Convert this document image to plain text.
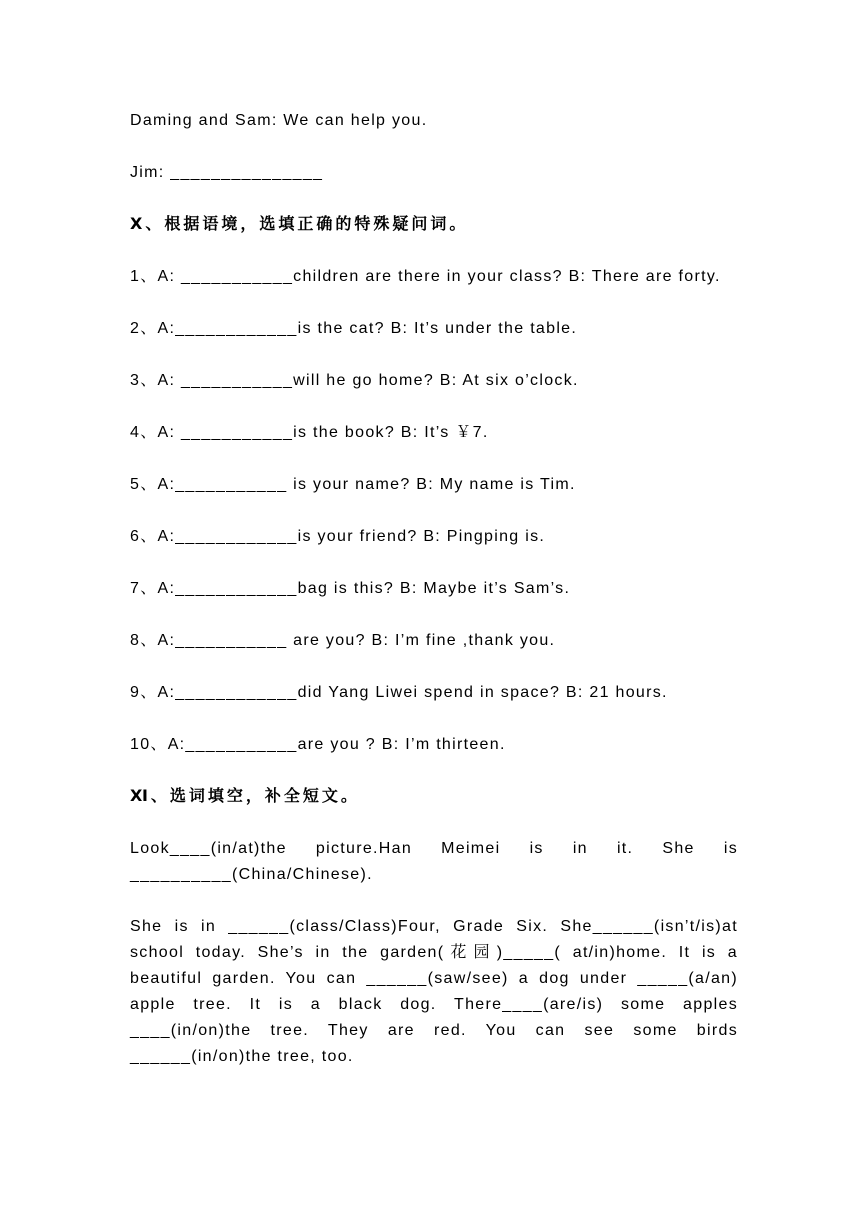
Daming and Sam: We can help you.

Jim: _______________

Ⅹ、根据语境，选填正确的特殊疑问词。

1、A: ___________children are there in your class? B: There are forty.

2、A:____________is the cat? B: It’s under the table.

3、A: ___________will he go home? B: At six o’clock.

4、A: ___________is the book? B: It’s ￥7.

5、A:___________ is your name? B: My name is Tim.

6、A:____________is your friend? B: Pingping is.

7、A:____________bag is this? B: Maybe it’s Sam’s.

8、A:___________ are you? B: I’m fine ,thank you.

9、A:____________did Yang Liwei spend in space? B: 21 hours.

10、A:___________are you ? B: I’m thirteen.

Ⅺ、选词填空，补全短文。

Look____(in/at)the picture.Han Meimei is in it. She is __________(China/Chinese).

She is in ______(class/Class)Four, Grade Six. She______(isn’t/is)at school today. She’s in the garden(花园)_____( at/in)home. It is a beautiful garden. You can ______(saw/see) a dog under _____(a/an) apple tree. It is a black dog. There____(are/is) some apples ____(in/on)the tree. They are red. You can see some birds ______(in/on)the tree, too.
